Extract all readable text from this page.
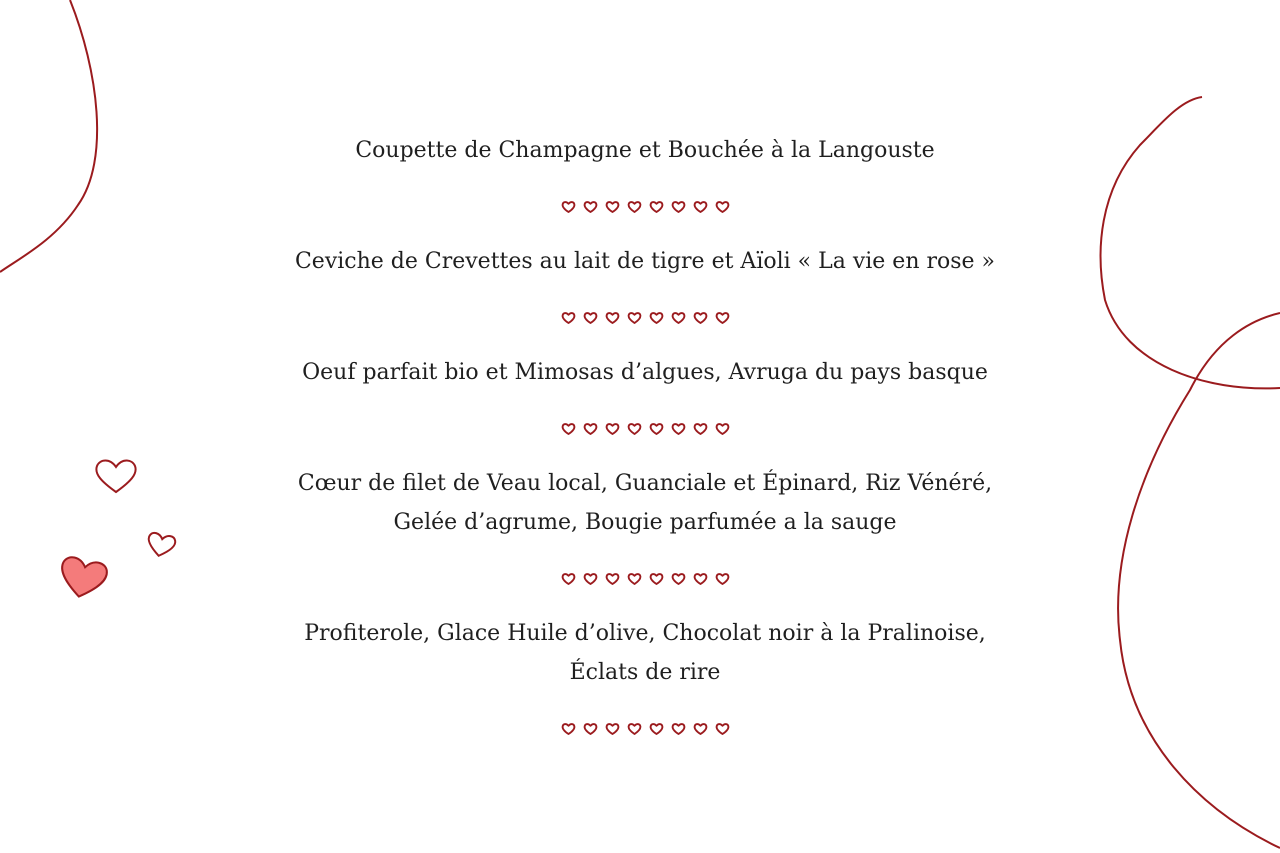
Coupette de Champagne et Bouchée à la Langouste

Ceviche de Crevettes au lait de tigre et Aïoli « La vie en rose »

Oeuf parfait bio et Mimosas d’algues, Avruga du pays basque

Cœur de filet de Veau local, Guanciale et Épinard, Riz Vénéré,
Gelée d’agrume, Bougie parfumée a la sauge

Profiterole, Glace Huile d’olive, Chocolat noir à la Pralinoise,
Éclats de rire
